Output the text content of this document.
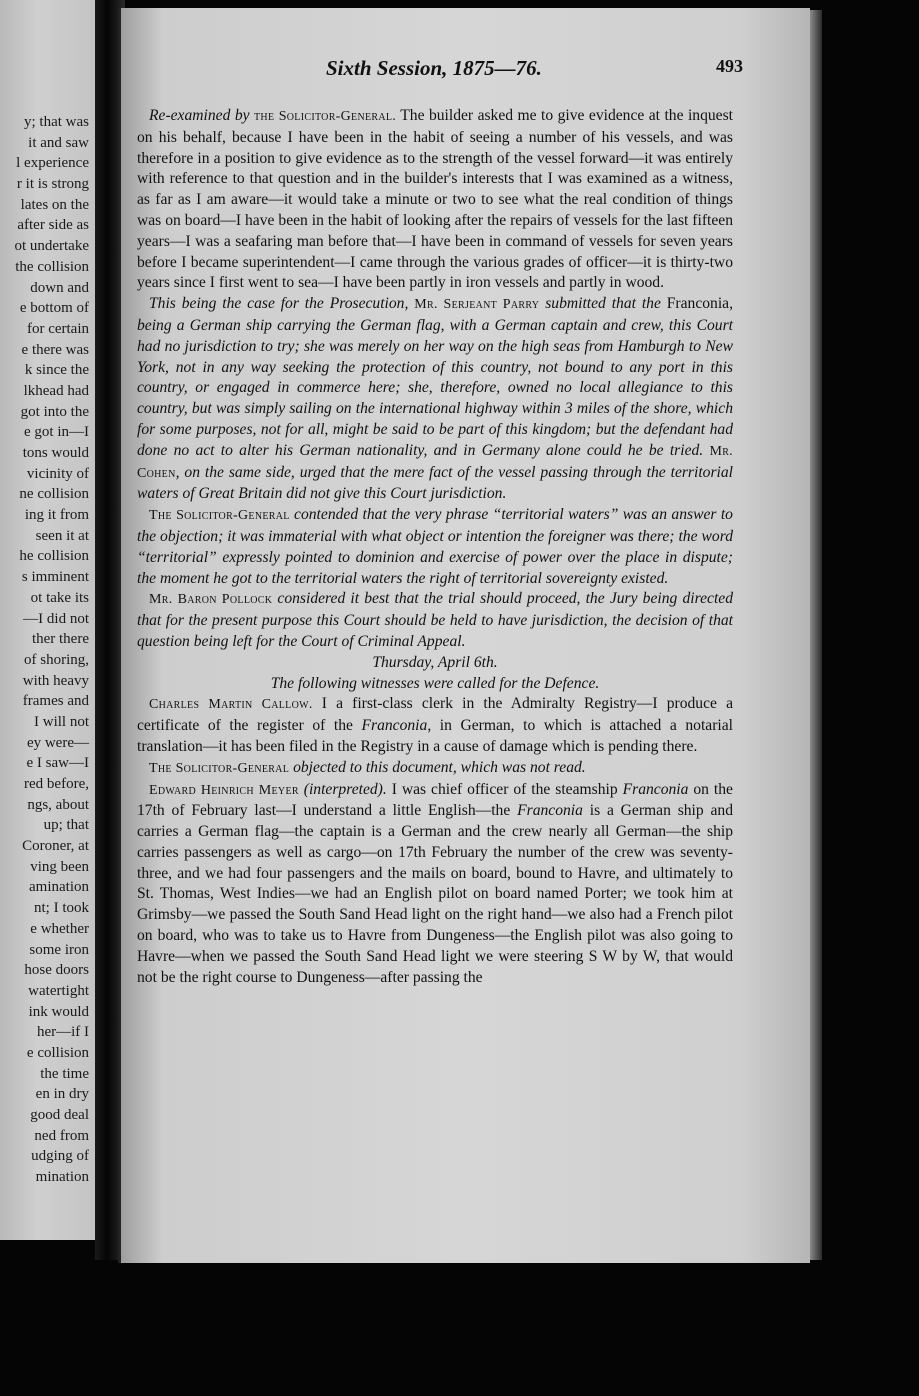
y; that was
it and saw
l experience
r it is strong
lates on the
after side as
ot undertake
the collision
down and
e bottom of
for certain
e there was
k since the
lkhead had
got into the
e got in—I
tons would
vicinity of
ne collision
ing it from
seen it at
he collision
s imminent
ot take its
—I did not
ther there
of shoring,
with heavy
frames and
I will not
ey were—
e I saw—I
red before,
ngs, about
up; that
Coroner, at
ving been
amination
nt; I took
e whether
some iron
hose doors
watertight
ink would
her—if I
e collision
the time
en in dry
good deal
ned from
udging of
mination
Sixth Session, 1875—76.	493

Re-examined by the Solicitor-General. The builder asked me to give evidence at the inquest on his behalf, because I have been in the habit of seeing a number of his vessels, and was therefore in a position to give evidence as to the strength of the vessel forward—it was entirely with reference to that question and in the builder's interests that I was examined as a witness, as far as I am aware—it would take a minute or two to see what the real condition of things was on board—I have been in the habit of looking after the repairs of vessels for the last fifteen years—I was a seafaring man before that—I have been in command of vessels for seven years before I became superintendent—I came through the various grades of officer—it is thirty-two years since I first went to sea—I have been partly in iron vessels and partly in wood.

This being the case for the Prosecution, Mr. Serjeant Parry submitted that the Franconia, being a German ship carrying the German flag, with a German captain and crew, this Court had no jurisdiction to try; she was merely on her way on the high seas from Hamburgh to New York, not in any way seeking the protection of this country, not bound to any port in this country, or engaged in commerce here; she, therefore, owned no local allegiance to this country, but was simply sailing on the international highway within 3 miles of the shore, which for some purposes, not for all, might be said to be part of this kingdom; but the defendant had done no act to alter his German nationality, and in Germany alone could he be tried. Mr. Cohen, on the same side, urged that the mere fact of the vessel passing through the territorial waters of Great Britain did not give this Court jurisdiction.

The Solicitor-General contended that the very phrase “territorial waters” was an answer to the objection; it was immaterial with what object or intention the foreigner was there; the word “territorial” expressly pointed to dominion and exercise of power over the place in dispute; the moment he got to the territorial waters the right of territorial sovereignty existed.

Mr. Baron Pollock considered it best that the trial should proceed, the Jury being directed that for the present purpose this Court should be held to have jurisdiction, the decision of that question being left for the Court of Criminal Appeal.

Thursday, April 6th.

The following witnesses were called for the Defence.

Charles Martin Callow. I a first-class clerk in the Admiralty Registry—I produce a certificate of the register of the Franconia, in German, to which is attached a notarial translation—it has been filed in the Registry in a cause of damage which is pending there.

The Solicitor-General objected to this document, which was not read.

Edward Heinrich Meyer (interpreted). I was chief officer of the steamship Franconia on the 17th of February last—I understand a little English—the Franconia is a German ship and carries a German flag—the captain is a German and the crew nearly all German—the ship carries passengers as well as cargo—on 17th February the number of the crew was seventy-three, and we had four passengers and the mails on board, bound to Havre, and ultimately to St. Thomas, West Indies—we had an English pilot on board named Porter; we took him at Grimsby—we passed the South Sand Head light on the right hand—we also had a French pilot on board, who was to take us to Havre from Dungeness—the English pilot was also going to Havre—when we passed the South Sand Head light we were steering S W by W, that would not be the right course to Dungeness—after passing the
